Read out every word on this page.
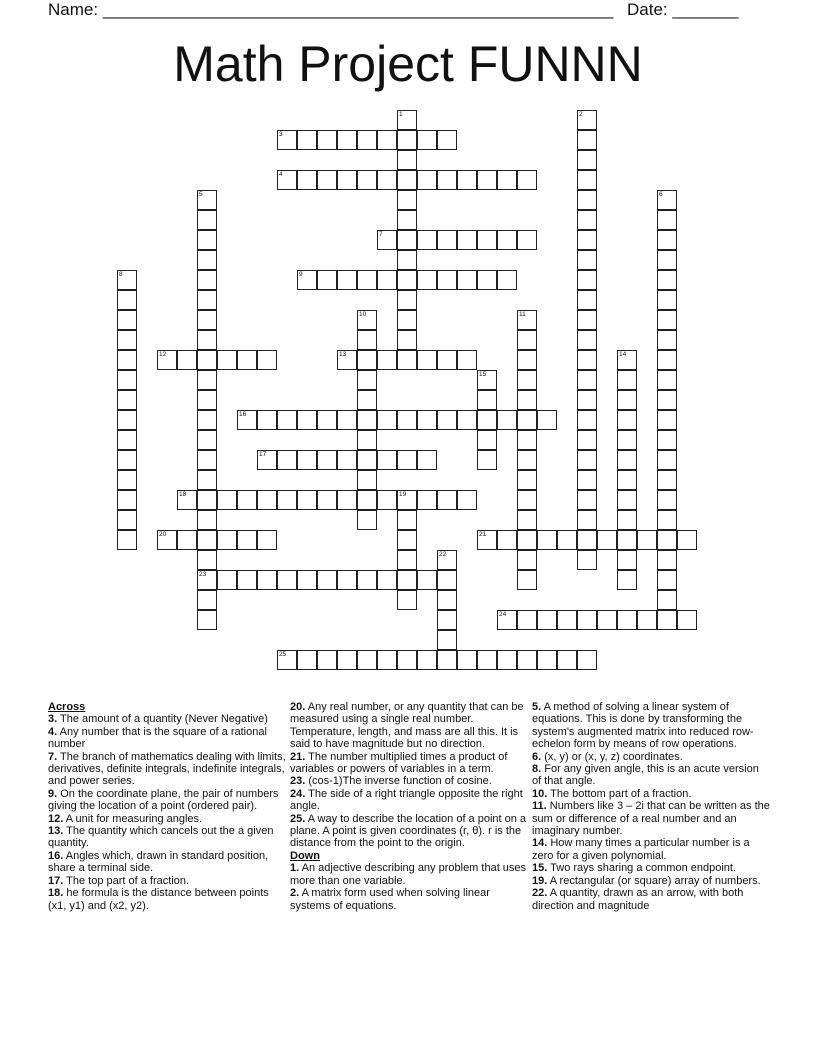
Name: ______________________________________________________ Date: _______
Math Project FUNNN
1	2
3
4
5	6
7
8	9
10	11
12	13	14
15
16
17
18	19
20	21
22
23
24
25
Across

3. The amount of a quantity (Never Negative)

4. Any number that is the square of a rational number

7. The branch of mathematics dealing with limits, derivatives, definite integrals, indefinite integrals, and power series.

9. On the coordinate plane, the pair of numbers giving the location of a point (ordered pair).

12. A unit for measuring angles.

13. The quantity which cancels out the a given quantity.

16. Angles which, drawn in standard position, share a terminal side.

17. The top part of a fraction.

18. he formula is the distance between points (x1, y1) and (x2, y2).

20. Any real number, or any quantity that can be measured using a single real number. Temperature, length, and mass are all this. It is said to have magnitude but no direction.

21. The number multiplied times a product of variables or powers of variables in a term.

23. (cos-1)The inverse function of cosine.

24. The side of a right triangle opposite the right angle.

25. A way to describe the location of a point on a plane. A point is given coordinates (r, θ). r is the distance from the point to the origin.

Down

1. An adjective describing any problem that uses more than one variable.

2. A matrix form used when solving linear systems of equations.

5. A method of solving a linear system of equations. This is done by transforming the system's augmented matrix into reduced row-echelon form by means of row operations.

6. (x, y) or (x, y, z) coordinates.

8. For any given angle, this is an acute version of that angle.

10. The bottom part of a fraction.

11. Numbers like 3 – 2i that can be written as the sum or difference of a real number and an imaginary number.

14. How many times a particular number is a zero for a given polynomial.

15. Two rays sharing a common endpoint.

19. A rectangular (or square) array of numbers.

22. A quantity, drawn as an arrow, with both direction and magnitude
